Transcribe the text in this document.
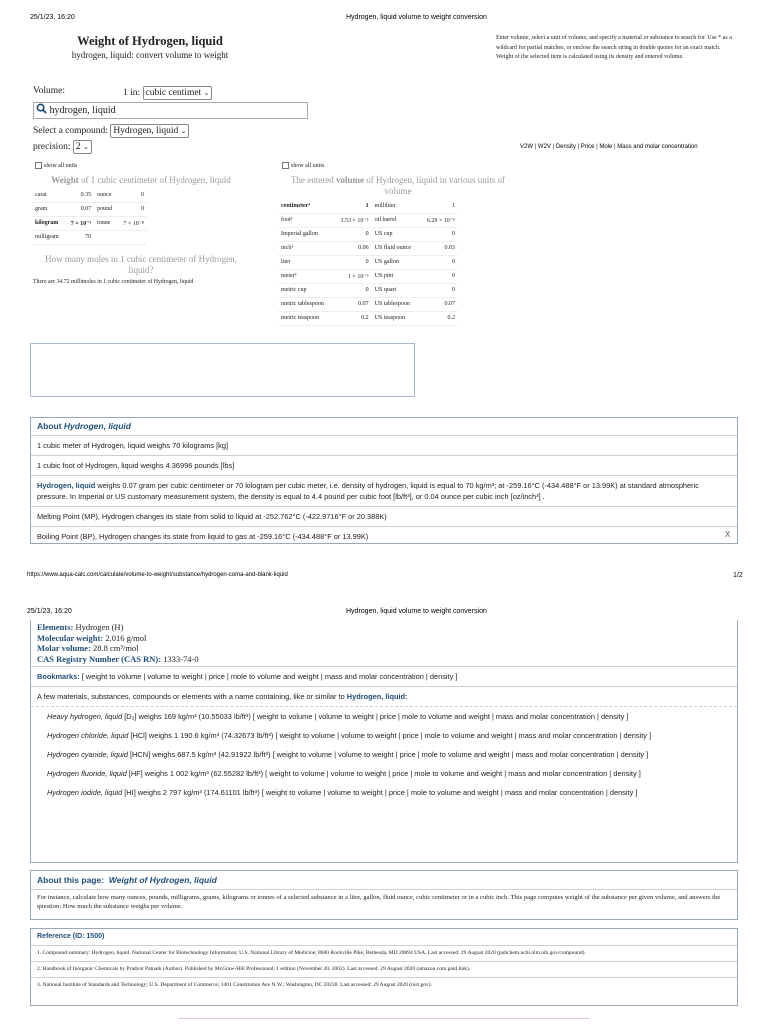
25/1/23, 16:20	Hydrogen, liquid volume to weight conversion
Weight of Hydrogen, liquid
hydrogen, liquid: convert volume to weight
Enter volume, select a unit of volume, and specify a material or substance to search for. Use * as a wildcard for partial matches, or enclose the search string in double quotes for an exact match. Weight of the selected item is calculated using its density and entered volume.
Volume:	1 in: cubic centimet ⌄
hydrogen, liquid
Select a compound: Hydrogen, liquid ⌄
precision: 2 ⌄	V2W | W2V | Density | Price | Mole | Mass and molar concentration
show all units
Weight of 1 cubic centimeter of Hydrogen, liquid
carat	0.35	ounce	0
gram	0.07	pound	0
kilogram	7 × 10⁻⁵	tonne	7 × 10⁻⁸
milligram	70		
How many moles in 1 cubic centimeter of Hydrogen, liquid?
There are 34.72 millimoles in 1 cubic centimeter of Hydrogen, liquid
show all units
The entered volume of Hydrogen, liquid in various units of volume
centimeter³	1	milliliter	1
foot³	3.53 × 10⁻⁵	oil barrel	6.29 × 10⁻⁶
Imperial gallon	0	US cup	0
inch³	0.06	US fluid ounce	0.03
liter	0	US gallon	0
meter³	1 × 10⁻⁶	US pint	0
metric cup	0	US quart	0
metric tablespoon	0.07	US tablespoon	0.07
metric teaspoon	0.2	US teaspoon	0.2
About Hydrogen, liquid
1 cubic meter of Hydrogen, liquid weighs 70 kilograms [kg]
1 cubic foot of Hydrogen, liquid weighs 4.36996 pounds [lbs]
Hydrogen, liquid weighs 0.07 gram per cubic centimeter or 70 kilogram per cubic meter, i.e. density of hydrogen, liquid is equal to 70 kg/m³; at -259.16°C (-434.488°F or 13.99K) at standard atmospheric pressure. In Imperial or US customary measurement system, the density is equal to 4.4 pound per cubic foot [lb/ft³], or 0.04 ounce per cubic inch [oz/inch³] .
Melting Point (MP), Hydrogen changes its state from solid to liquid at -252.762°C (-422.9716°F or 20.388K)
Boiling Point (BP), Hydrogen changes its state from liquid to gas at -259.16°C (-434.488°F or 13.99K)	X
https://www.aqua-calc.com/calculate/volume-to-weight/substance/hydrogen-coma-and-blank-liquid	1/2
25/1/23, 16:20	Hydrogen, liquid volume to weight conversion
Elements: Hydrogen (H)
Molecular weight: 2.016 g/mol
Molar volume: 28.8 cm³/mol
CAS Registry Number (CAS RN): 1333-74-0
Bookmarks: [ weight to volume | volume to weight | price | mole to volume and weight | mass and molar concentration | density ]
A few materials, substances, compounds or elements with a name containing, like or similar to Hydrogen, liquid:
Heavy hydrogen, liquid [D₂] weighs 169 kg/m³ (10.55033 lb/ft³) [ weight to volume | volume to weight | price | mole to volume and weight | mass and molar concentration | density ]
Hydrogen chloride, liquid [HCl] weighs 1 190.6 kg/m³ (74.32673 lb/ft³) [ weight to volume | volume to weight | price | mole to volume and weight | mass and molar concentration | density ]
Hydrogen cyanide, liquid [HCN] weighs 687.5 kg/m³ (42.91922 lb/ft³) [ weight to volume | volume to weight | price | mole to volume and weight | mass and molar concentration | density ]
Hydrogen fluoride, liquid [HF] weighs 1 002 kg/m³ (62.55282 lb/ft³) [ weight to volume | volume to weight | price | mole to volume and weight | mass and molar concentration | density ]
Hydrogen iodide, liquid [HI] weighs 2 797 kg/m³ (174.61101 lb/ft³) [ weight to volume | volume to weight | price | mole to volume and weight | mass and molar concentration | density ]
About this page: Weight of Hydrogen, liquid
For instance, calculate how many ounces, pounds, milligrams, grams, kilograms or tonnes of a selected substance in a liter, gallon, fluid ounce, cubic centimeter or in a cubic inch. This page computes weight of the substance per given volume, and answers the question: How much the substance weighs per volume.
Reference (ID: 1500)
1. Compound summary: Hydrogen, liquid. National Center for Biotechnology Information; U.S. National Library of Medicine; 8600 Rockville Pike; Bethesda, MD 20894 USA. Last accessed: 29 August 2020 (pubchem.ncbi.nlm.nih.gov/compound).
2. Handbook of Inorganic Chemicals by Pradyot Patnaik (Author). Published by McGraw-Hill Professional; 1 edition (November 20, 2002). Last accessed: 29 August 2020 (amazon.com paid link).
3. National Institute of Standards and Technology; U.S. Department of Commerce; 1401 Constitution Ave N.W.; Washington, DC 20230. Last accessed: 29 August 2020 (nist.gov).
